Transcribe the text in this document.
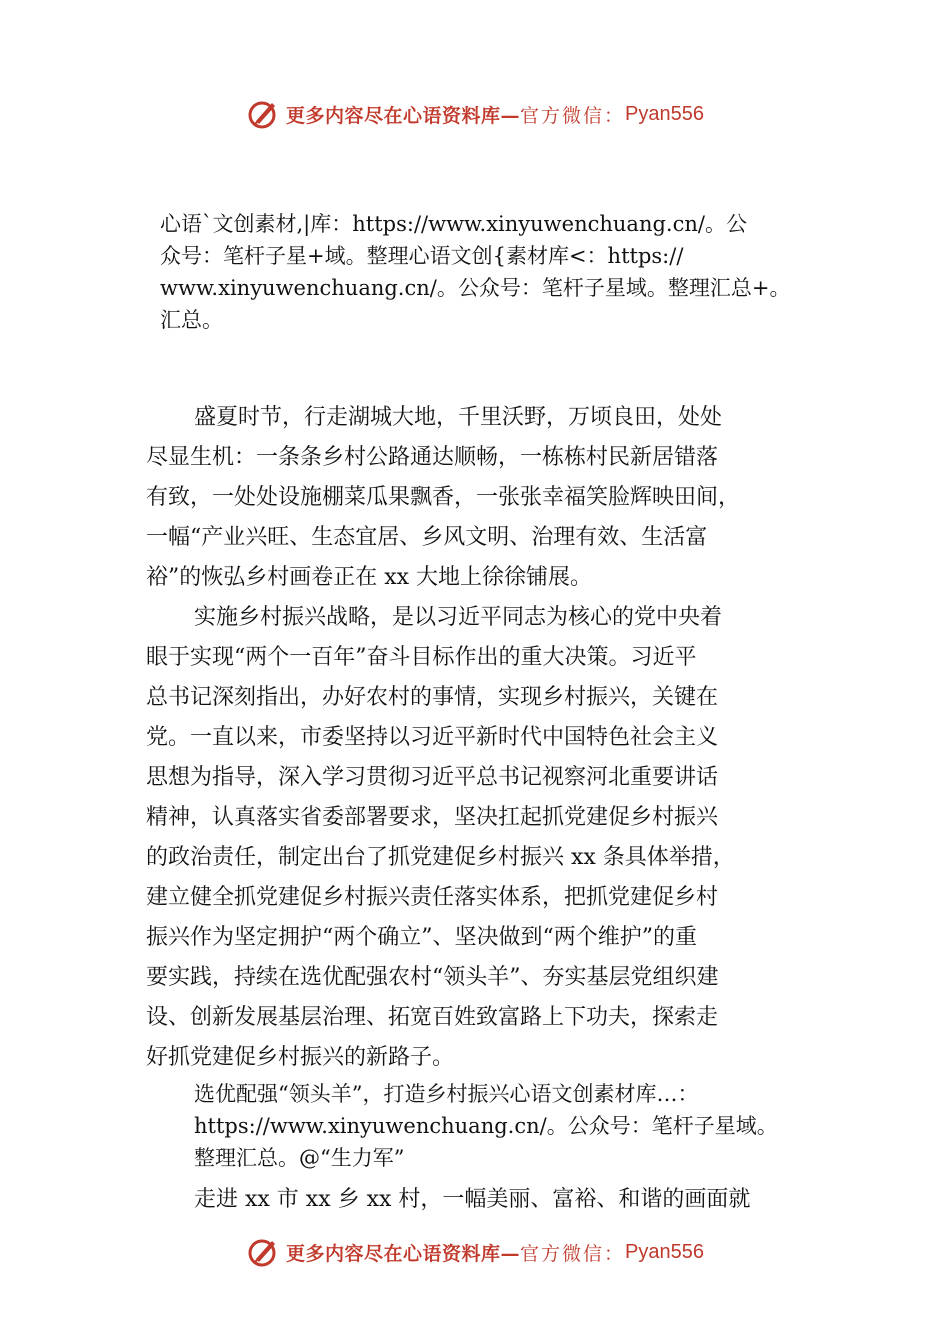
更多内容尽在心语资料库— 官方微信： Pyan556
心语`文创素材,|库：https://www.xinyuwenchuang.cn/。公
众号：笔杆子星+域。整理心语文创{素材库<：https://
www.xinyuwenchuang.cn/。公众号：笔杆子星域。整理汇总+。
汇总。
盛夏时节，行走湖城大地，千里沃野，万顷良田，处处
尽显生机：一条条乡村公路通达顺畅，一栋栋村民新居错落
有致，一处处设施棚菜瓜果飘香，一张张幸福笑脸辉映田间，
一幅“产业兴旺、生态宜居、乡风文明、治理有效、生活富
裕”的恢弘乡村画卷正在 xx 大地上徐徐铺展。
实施乡村振兴战略，是以习近平同志为核心的党中央着
眼于实现“两个一百年”奋斗目标作出的重大决策。习近平
总书记深刻指出，办好农村的事情，实现乡村振兴，关键在
党。一直以来，市委坚持以习近平新时代中国特色社会主义
思想为指导，深入学习贯彻习近平总书记视察河北重要讲话
精神，认真落实省委部署要求，坚决扛起抓党建促乡村振兴
的政治责任，制定出台了抓党建促乡村振兴 xx 条具体举措，
建立健全抓党建促乡村振兴责任落实体系，把抓党建促乡村
振兴作为坚定拥护“两个确立”、坚决做到“两个维护”的重
要实践，持续在选优配强农村“领头羊”、夯实基层党组织建
设、创新发展基层治理、拓宽百姓致富路上下功夫，探索走
好抓党建促乡村振兴的新路子。
选优配强“领头羊”，打造乡村振兴心语文创素材库…：
https://www.xinyuwenchuang.cn/。公众号：笔杆子星域。
整理汇总。@“生力军”
走进 xx 市 xx 乡 xx 村，一幅美丽、富裕、和谐的画面就
更多内容尽在心语资料库— 官方微信： Pyan556
